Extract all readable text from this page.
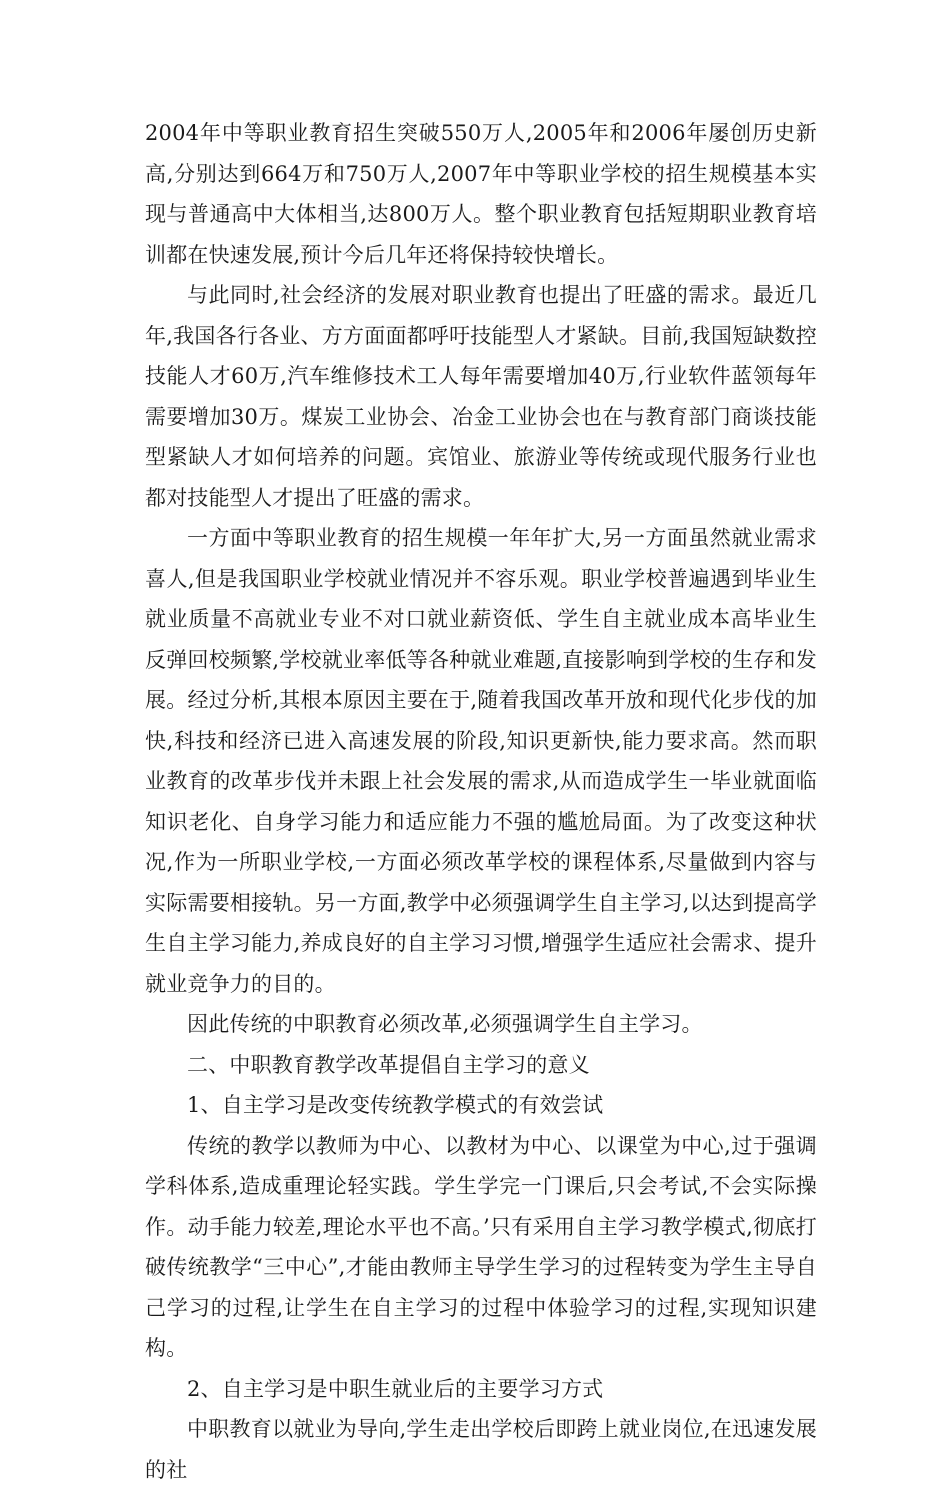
2004年中等职业教育招生突破550万人,2005年和2006年屡创历史新高,分别达到664万和750万人,2007年中等职业学校的招生规模基本实现与普通高中大体相当,达800万人。整个职业教育包括短期职业教育培训都在快速发展,预计今后几年还将保持较快增长。

与此同时,社会经济的发展对职业教育也提出了旺盛的需求。最近几年,我国各行各业、方方面面都呼吁技能型人才紧缺。目前,我国短缺数控技能人才60万,汽车维修技术工人每年需要增加40万,行业软件蓝领每年需要增加30万。煤炭工业协会、冶金工业协会也在与教育部门商谈技能型紧缺人才如何培养的问题。宾馆业、旅游业等传统或现代服务行业也都对技能型人才提出了旺盛的需求。

一方面中等职业教育的招生规模一年年扩大,另一方面虽然就业需求喜人,但是我国职业学校就业情况并不容乐观。职业学校普遍遇到毕业生就业质量不高就业专业不对口就业薪资低、学生自主就业成本高毕业生反弹回校频繁,学校就业率低等各种就业难题,直接影响到学校的生存和发展。经过分析,其根本原因主要在于,随着我国改革开放和现代化步伐的加快,科技和经济已进入高速发展的阶段,知识更新快,能力要求高。然而职业教育的改革步伐并未跟上社会发展的需求,从而造成学生一毕业就面临知识老化、自身学习能力和适应能力不强的尴尬局面。为了改变这种状况,作为一所职业学校,一方面必须改革学校的课程体系,尽量做到内容与实际需要相接轨。另一方面,教学中必须强调学生自主学习,以达到提高学生自主学习能力,养成良好的自主学习习惯,增强学生适应社会需求、提升就业竞争力的目的。

因此传统的中职教育必须改革,必须强调学生自主学习。

二、中职教育教学改革提倡自主学习的意义

1、自主学习是改变传统教学模式的有效尝试

传统的教学以教师为中心、以教材为中心、以课堂为中心,过于强调学科体系,造成重理论轻实践。学生学完一门课后,只会考试,不会实际操作。动手能力较差,理论水平也不高。’只有采用自主学习教学模式,彻底打破传统教学“三中心”,才能由教师主导学生学习的过程转变为学生主导自己学习的过程,让学生在自主学习的过程中体验学习的过程,实现知识建构。

2、自主学习是中职生就业后的主要学习方式

中职教育以就业为导向,学生走出学校后即跨上就业岗位,在迅速发展的社
